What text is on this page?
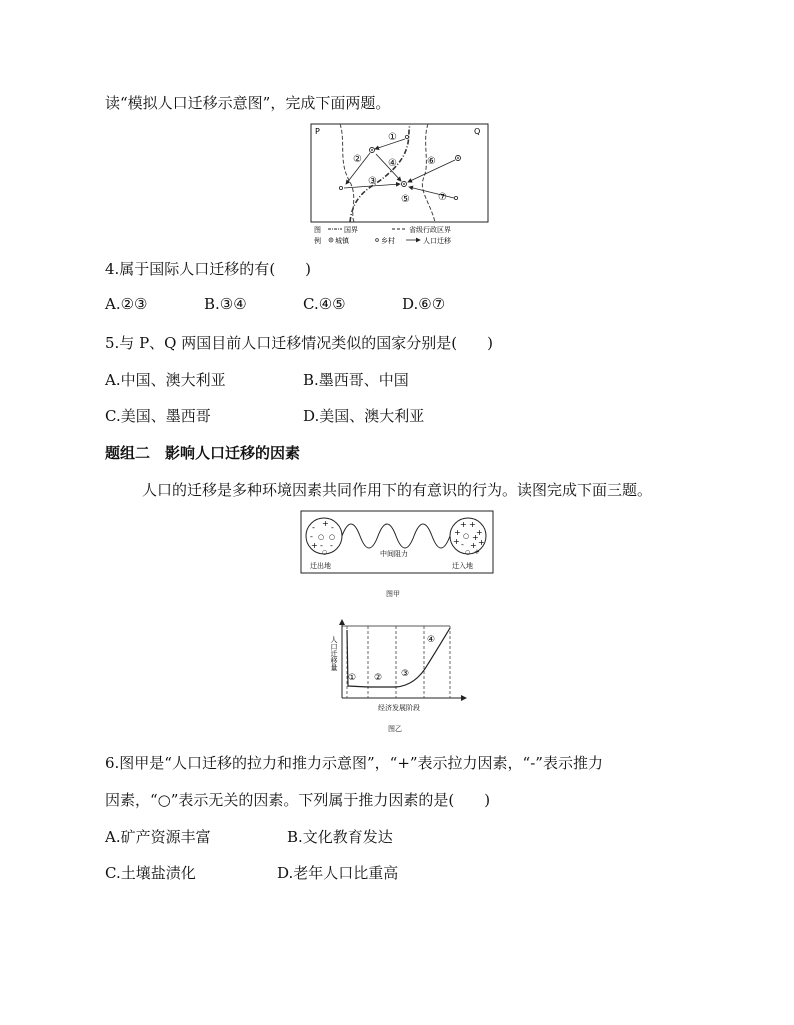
读“模拟人口迁移示意图”，完成下面两题。
P	Q
①
②
③
④
⑤
⑥
⑦
图
例
国界	省级行政区界
城镇	乡村	人口迁移
4.属于国际人口迁移的有(　　)
A.②③	B.③④	C.④⑤	D.⑥⑦
5.与 P、Q 两国目前人口迁移情况类似的国家分别是(　　)
A.中国、澳大利亚	B.墨西哥、中国
C.美国、墨西哥	D.美国、澳大利亚
题组二　影响人口迁移的因素
人口的迁移是多种环境因素共同作用下的有意识的行为。读图完成下面三题。
- + -
- ○ ○
+ - -
○
+ +
+ +
○ +
+ - + +
○ +
迁出地
中间阻力
迁入地
图甲
① ② ③
④
人口迁移量
经济发展阶段
图乙
6.图甲是“人口迁移的拉力和推力示意图”，“+”表示拉力因素，“-”表示推力
因素，“○”表示无关的因素。下列属于推力因素的是(　　)
A.矿产资源丰富	B.文化教育发达
C.土壤盐渍化	D.老年人口比重高
